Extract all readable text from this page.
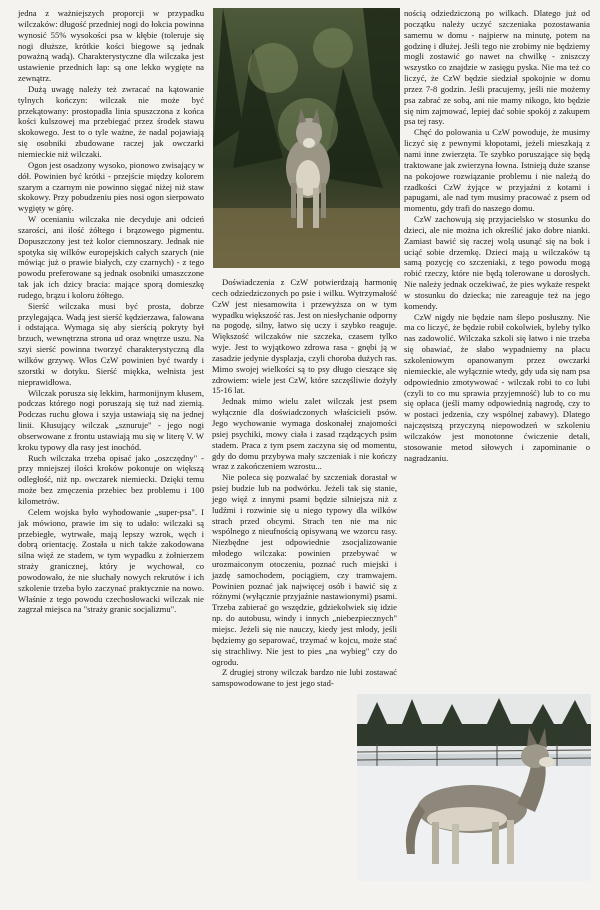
jedna z ważniejszych proporcji w przypadku wilczaków: długość przedniej nogi do łokcia powinna wynosić 55% wysokości psa w kłębie (toleruje się nogi dłuższe, krótkie kości biegowe są jednak poważną wadą). Charakterystyczne dla wilczaka jest ustawienie przednich łap: są one lekko wygięte na zewnątrz.

Dużą uwagę należy też zwracać na kątowanie tylnych kończyn: wilczak nie może być przekątowany: prostopadła linia spuszczona z końca kości kulszowej ma przebiegać przez środek stawu skokowego. Jest to o tyle ważne, że nadal pojawiają się osobniki zbudowane raczej jak owczarki niemieckie niż wilczaki.

Ogon jest osadzony wysoko, pionowo zwisający w dół. Powinien być krótki - przejście między kolorem szarym a czarnym nie powinno sięgać niżej niż staw skokowy. Przy pobudzeniu pies nosi ogon sierpowato wygięty w górę.

W ocenianiu wilczaka nie decyduje ani odcień szarości, ani ilość żółtego i brązowego pigmentu. Dopuszczony jest też kolor ciemnoszary. Jednak nie spotyka się wilków europejskich całych szarych (nie mówiąc już o prawie białych, czy czarnych) - z tego powodu preferowane są jednak osobniki umaszczone tak jak ich dzicy bracia: mające sporą domieszkę rudego, brązu i koloru żółtego.

Sierść wilczaka musi być prosta, dobrze przylegająca. Wadą jest sierść kędzierzawa, falowana i odstająca. Wymaga się aby sierścią pokryty był brzuch, wewnętrzna strona ud oraz wnętrze uszu. Na szyi sierść powinna tworzyć charakterystyczną dla wilków grzywę. Włos CzW powinien być twardy i szorstki w dotyku. Sierść miękka, wełnista jest nieprawidłowa.

Wilczak porusza się lekkim, harmonijnym kłusem, podczas którego nogi poruszają się tuż nad ziemią. Podczas ruchu głowa i szyja ustawiają się na jednej linii. Kłusujący wilczak „sznuruje" - jego nogi obserwowane z frontu ustawiają mu się w literę V. W kroku typowy dla rasy jest inochód.

Ruch wilczaka trzeba opisać jako „oszczędny" - przy mniejszej ilości kroków pokonuje on większą odległość, niż np. owczarek niemiecki. Dzięki temu może bez zmęczenia przebiec bez problemu i 100 kilometrów.

Celem wojska było wyhodowanie „super-psa". I jak mówiono, prawie im się to udało: wilczaki są przebiegłe, wytrwałe, mają lepszy wzrok, węch i dobrą orientację. Została u nich także zakodowana silna więź ze stadem, w tym wypadku z żołnierzem straży granicznej, który je wychował, co powodowało, że nie słuchały nowych rekrutów i ich szkolenie trzeba było zaczynać praktycznie na nowo. Właśnie z tego powodu czechosłowacki wilczak nie zagrzał miejsca na "straży granic socjalizmu".

Doświadczenia z CzW potwierdzają harmonię cech odziedziczonych po psie i wilku. Wytrzymałość CzW jest niesamowita i przewyższa on w tym wypadku większość ras. Jest on niesłychanie odporny na pogodę, silny, łatwo się uczy i szybko reaguje. Większość wilczaków nie szczeka, czasem tylko wyje. Jest to wyjątkowo zdrowa rasa - gnębi ją w zasadzie jedynie dysplazja, czyli choroba dużych ras. Mimo swojej wielkości są to psy długo cieszące się zdrowiem: wiele jest CzW, które szczęśliwie dożyły 15-16 lat.

Jednak mimo wielu zalet wilczak jest psem wyłącznie dla doświadczonych właścicieli psów. Jego wychowanie wymaga doskonałej znajomości psiej psychiki, mowy ciała i zasad rządzących psim stadem. Praca z tym psem zaczyna się od momentu, gdy do domu przybywa mały szczeniak i nie kończy wraz z zakończeniem wzrostu...

Nie poleca się pozwalać by szczeniak dorastał w psiej budzie lub na podwórku. Jeżeli tak się stanie, jego więź z innymi psami będzie silniejsza niż z ludźmi i rozwinie się u niego typowy dla wilków strach przed obcymi. Strach ten nie ma nic wspólnego z nieufnością opisywaną we wzorcu rasy. Niezbędne jest odpowiednie zsocjalizowanie młodego wilczaka: powinien przebywać w urozmaiconym otoczeniu, poznać ruch miejski i jazdę samochodem, pociągiem, czy tramwajem. Powinien poznać jak najwięcej osób i bawić się z różnymi (wyłącznie przyjaźnie nastawionymi) psami. Trzeba zabierać go wszędzie, gdziekolwiek się idzie np. do autobusu, windy i innych „niebezpiecznych" miejsc. Jeżeli się nie nauczy, kiedy jest młody, jeśli będziemy go separować, trzymać w kojcu, może stać się strachliwy. Nie jest to pies „na wybieg" czy do ogrodu.

Z drugiej strony wilczak bardzo nie lubi zostawać samspowodowane to jest jego stad-

nością odziedziczoną po wilkach. Dlatego już od początku należy uczyć szczeniaka pozostawania samemu w domu - najpierw na minutę, potem na godzinę i dłużej. Jeśli tego nie zrobimy nie będziemy mogli zostawić go nawet na chwilkę - zniszczy wszystko co znajdzie w zasięgu pyska. Nie ma też co liczyć, że CzW będzie siedział spokojnie w domu przez 7-8 godzin. Jeśli pracujemy, jeśli nie możemy psa zabrać ze sobą, ani nie mamy nikogo, kto będzie się nim zajmować, lepiej dać sobie spokój z zakupem psa tej rasy.

Chęć do polowania u CzW powoduje, że musimy liczyć się z pewnymi kłopotami, jeżeli mieszkają z nami inne zwierzęta. Te szybko poruszające się będą traktowane jak zwierzyna łowna. Istnieją duże szanse na pokojowe rozwiązanie problemu i nie należą do rzadkości CzW żyjące w przyjaźni z kotami i papugami, ale nad tym musimy pracować z psem od momentu, gdy trafi do naszego domu.

CzW zachowują się przyjacielsko w stosunku do dzieci, ale nie można ich określić jako dobre nianki. Zamiast bawić się raczej wolą usunąć się na bok i uciąć sobie drzemkę. Dzieci mają u wilczaków tą samą pozycję co szczeniaki, z tego powodu mogą robić rzeczy, które nie będą tolerowane u dorosłych. Nie należy jednak oczekiwać, że pies wykaże respekt w stosunku do dziecka; nie zareaguje też na jego komendy.

CzW nigdy nie będzie nam ślepo posłuszny. Nie ma co liczyć, że będzie robił cokolwiek, byleby tylko nas zadowolić. Wilczaka szkoli się łatwo i nie trzeba się obawiać, że słabo wypadniemy na placu szkoleniowym opanowanym przez owczarki niemieckie, ale wyłącznie wtedy, gdy uda się nam psa odpowiednio zmotywować - wilczak robi to co lubi (czyli to co mu sprawia przyjemność) lub to co mu się opłaca (jeśli mamy odpowiednią nagrodę, czy to w postaci jedzenia, czy wspólnej zabawy). Dlatego najczęstszą przyczyną niepowodzeń w szkoleniu wilczaków jest monotonne ćwiczenie detali, stosowanie metod siłowych i zapominanie o nagradzaniu.
